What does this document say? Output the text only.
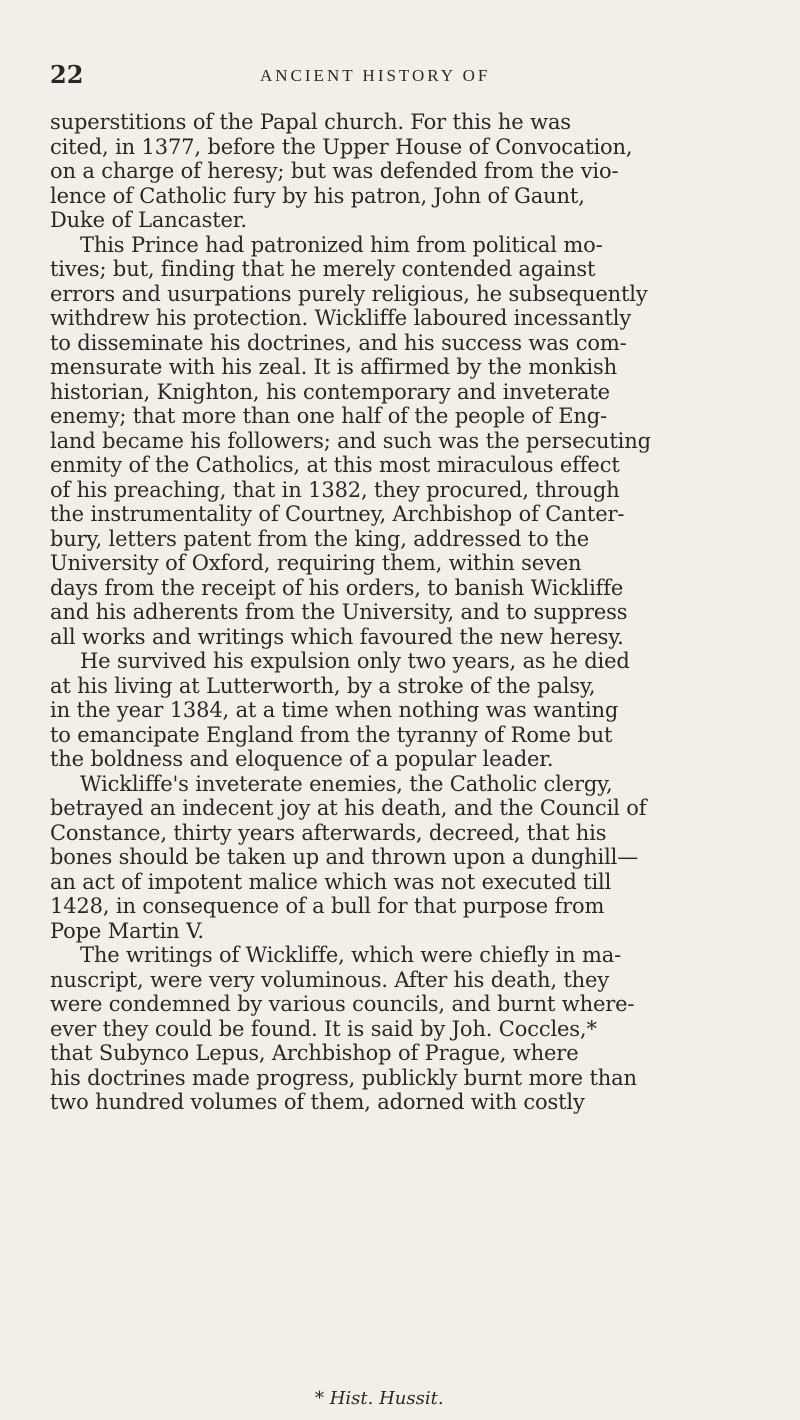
22	ANCIENT HISTORY OF
superstitions of the Papal church. For this he was
cited, in 1377, before the Upper House of Convocation,
on a charge of heresy; but was defended from the vio-
lence of Catholic fury by his patron, John of Gaunt,
Duke of Lancaster.
This Prince had patronized him from political mo-
tives; but, finding that he merely contended against
errors and usurpations purely religious, he subsequently
withdrew his protection. Wickliffe laboured incessantly
to disseminate his doctrines, and his success was com-
mensurate with his zeal. It is affirmed by the monkish
historian, Knighton, his contemporary and inveterate
enemy; that more than one half of the people of Eng-
land became his followers; and such was the persecuting
enmity of the Catholics, at this most miraculous effect
of his preaching, that in 1382, they procured, through
the instrumentality of Courtney, Archbishop of Canter-
bury, letters patent from the king, addressed to the
University of Oxford, requiring them, within seven
days from the receipt of his orders, to banish Wickliffe
and his adherents from the University, and to suppress
all works and writings which favoured the new heresy.
He survived his expulsion only two years, as he died
at his living at Lutterworth, by a stroke of the palsy,
in the year 1384, at a time when nothing was wanting
to emancipate England from the tyranny of Rome but
the boldness and eloquence of a popular leader.
Wickliffe's inveterate enemies, the Catholic clergy,
betrayed an indecent joy at his death, and the Council of
Constance, thirty years afterwards, decreed, that his
bones should be taken up and thrown upon a dunghill—
an act of impotent malice which was not executed till
1428, in consequence of a bull for that purpose from
Pope Martin V.
The writings of Wickliffe, which were chiefly in ma-
nuscript, were very voluminous. After his death, they
were condemned by various councils, and burnt where-
ever they could be found. It is said by Joh. Coccles,*
that Subynco Lepus, Archbishop of Prague, where
his doctrines made progress, publickly burnt more than
two hundred volumes of them, adorned with costly
* Hist. Hussit.
